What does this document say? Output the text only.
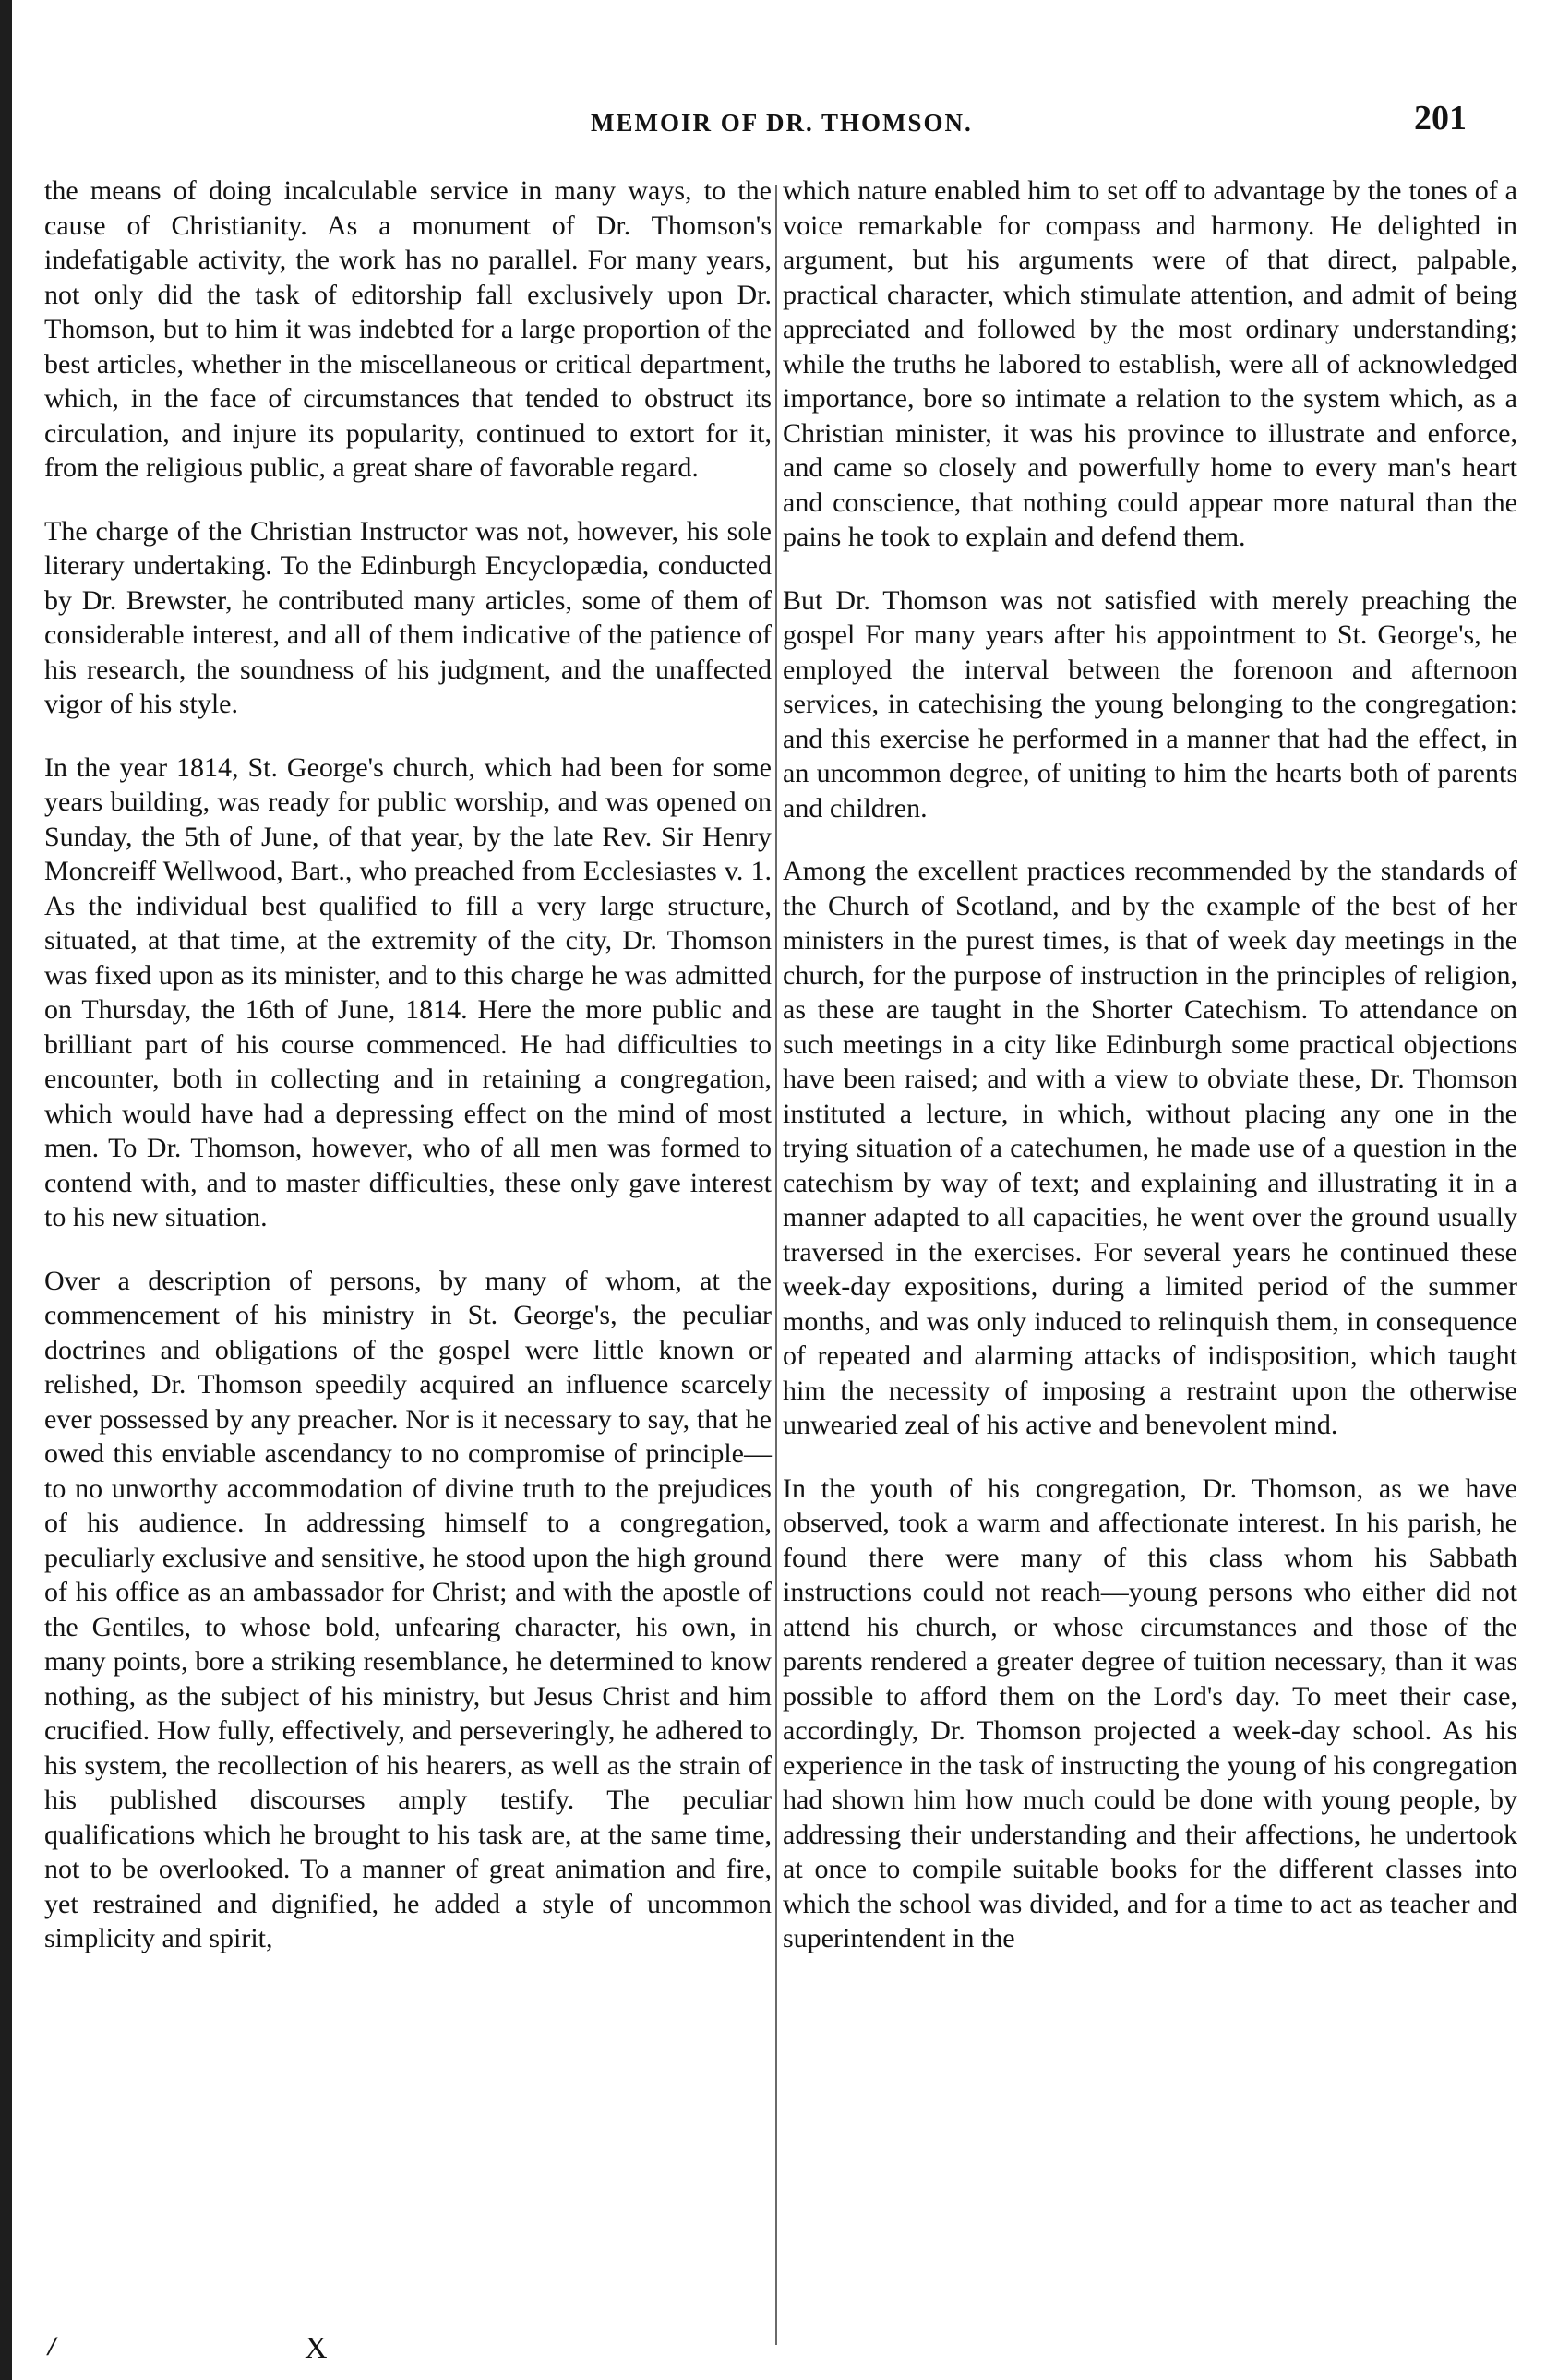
MEMOIR OF DR. THOMSON.	201

the means of doing incalculable service in many ways, to the cause of Christianity. As a monument of Dr. Thomson's indefatigable activity, the work has no parallel. For many years, not only did the task of editorship fall exclusively upon Dr. Thomson, but to him it was indebted for a large proportion of the best articles, whether in the miscellaneous or critical department, which, in the face of circumstances that tended to obstruct its circulation, and injure its popularity, continued to extort for it, from the religious public, a great share of favorable regard.

The charge of the Christian Instructor was not, however, his sole literary undertaking. To the Edinburgh Encyclopædia, conducted by Dr. Brewster, he contributed many articles, some of them of considerable interest, and all of them indicative of the patience of his research, the soundness of his judgment, and the unaffected vigor of his style.

In the year 1814, St. George's church, which had been for some years building, was ready for public worship, and was opened on Sunday, the 5th of June, of that year, by the late Rev. Sir Henry Moncreiff Wellwood, Bart., who preached from Ecclesiastes v. 1. As the individual best qualified to fill a very large structure, situated, at that time, at the extremity of the city, Dr. Thomson was fixed upon as its minister, and to this charge he was admitted on Thursday, the 16th of June, 1814. Here the more public and brilliant part of his course commenced. He had difficulties to encounter, both in collecting and in retaining a congregation, which would have had a depressing effect on the mind of most men. To Dr. Thomson, however, who of all men was formed to contend with, and to master difficulties, these only gave interest to his new situation.

Over a description of persons, by many of whom, at the commencement of his ministry in St. George's, the peculiar doctrines and obligations of the gospel were little known or relished, Dr. Thomson speedily acquired an influence scarcely ever possessed by any preacher. Nor is it necessary to say, that he owed this enviable ascendancy to no compromise of principle—to no unworthy accommodation of divine truth to the prejudices of his audience. In addressing himself to a congregation, peculiarly exclusive and sensitive, he stood upon the high ground of his office as an ambassador for Christ; and with the apostle of the Gentiles, to whose bold, unfearing character, his own, in many points, bore a striking resemblance, he determined to know nothing, as the subject of his ministry, but Jesus Christ and him crucified. How fully, effectively, and perseveringly, he adhered to his system, the recollection of his hearers, as well as the strain of his published discourses amply testify. The peculiar qualifications which he brought to his task are, at the same time, not to be overlooked. To a manner of great animation and fire, yet restrained and dignified, he added a style of uncommon simplicity and spirit,

which nature enabled him to set off to advantage by the tones of a voice remarkable for compass and harmony. He delighted in argument, but his arguments were of that direct, palpable, practical character, which stimulate attention, and admit of being appreciated and followed by the most ordinary understanding; while the truths he labored to establish, were all of acknowledged importance, bore so intimate a relation to the system which, as a Christian minister, it was his province to illustrate and enforce, and came so closely and powerfully home to every man's heart and conscience, that nothing could appear more natural than the pains he took to explain and defend them.

But Dr. Thomson was not satisfied with merely preaching the gospel For many years after his appointment to St. George's, he employed the interval between the forenoon and afternoon services, in catechising the young belonging to the congregation: and this exercise he performed in a manner that had the effect, in an uncommon degree, of uniting to him the hearts both of parents and children.

Among the excellent practices recommended by the standards of the Church of Scotland, and by the example of the best of her ministers in the purest times, is that of week day meetings in the church, for the purpose of instruction in the principles of religion, as these are taught in the Shorter Catechism. To attendance on such meetings in a city like Edinburgh some practical objections have been raised; and with a view to obviate these, Dr. Thomson instituted a lecture, in which, without placing any one in the trying situation of a catechumen, he made use of a question in the catechism by way of text; and explaining and illustrating it in a manner adapted to all capacities, he went over the ground usually traversed in the exercises. For several years he continued these week-day expositions, during a limited period of the summer months, and was only induced to relinquish them, in consequence of repeated and alarming attacks of indisposition, which taught him the necessity of imposing a restraint upon the otherwise unwearied zeal of his active and benevolent mind.

In the youth of his congregation, Dr. Thomson, as we have observed, took a warm and affectionate interest. In his parish, he found there were many of this class whom his Sabbath instructions could not reach—young persons who either did not attend his church, or whose circumstances and those of the parents rendered a greater degree of tuition necessary, than it was possible to afford them on the Lord's day. To meet their case, accordingly, Dr. Thomson projected a week-day school. As his experience in the task of instructing the young of his congregation had shown him how much could be done with young people, by addressing their understanding and their affections, he undertook at once to compile suitable books for the different classes into which the school was divided, and for a time to act as teacher and superintendent in the

/	X
